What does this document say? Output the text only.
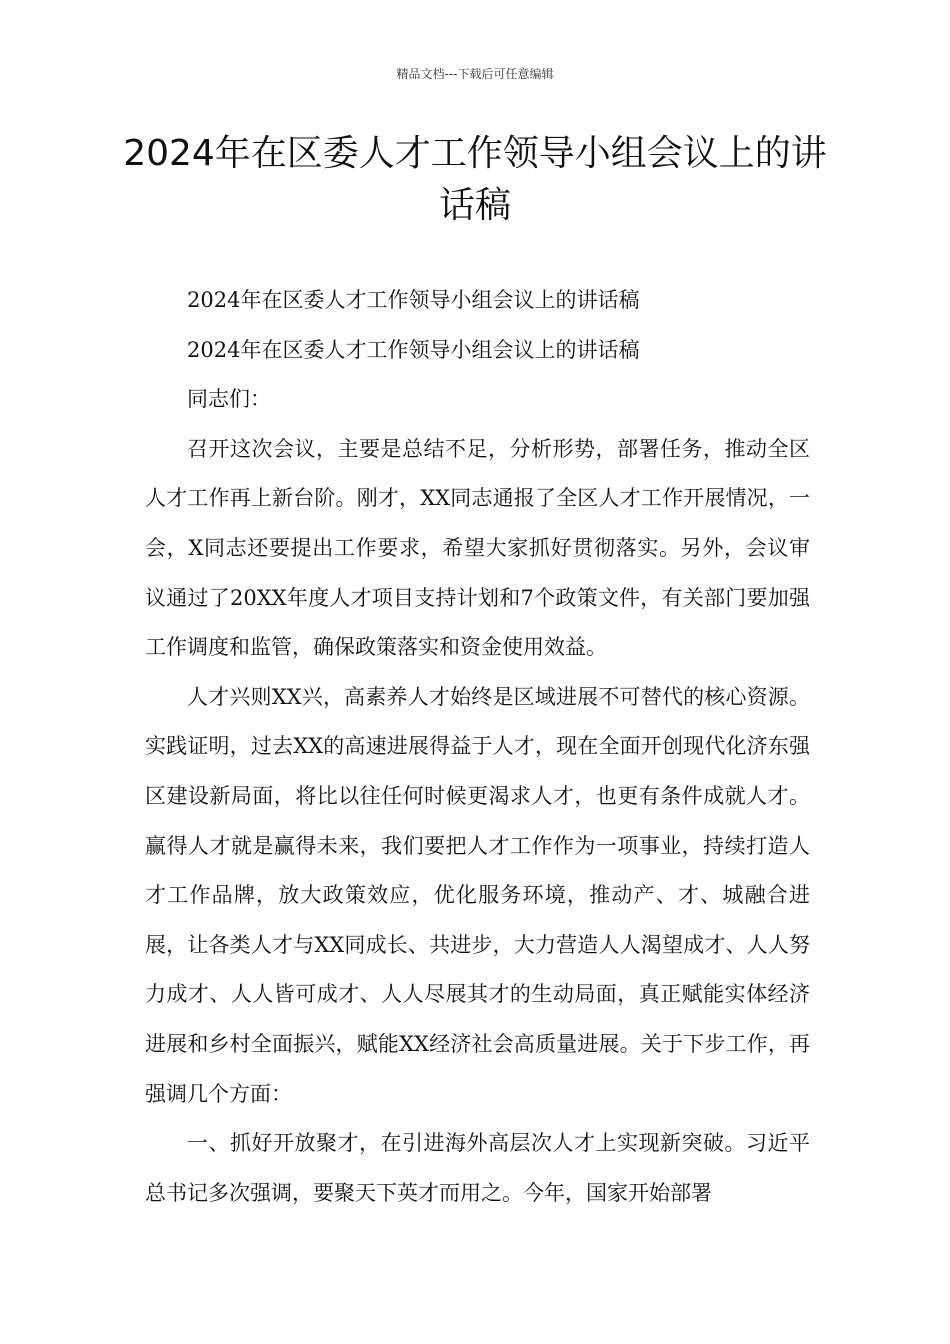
精品文档---下载后可任意编辑
2024年在区委人才工作领导小组会议上的讲话稿

2024年在区委人才工作领导小组会议上的讲话稿

2024年在区委人才工作领导小组会议上的讲话稿

同志们：

召开这次会议，主要是总结不足，分析形势，部署任务，推动全区人才工作再上新台阶。刚才，XX同志通报了全区人才工作开展情况，一会，X同志还要提出工作要求，希望大家抓好贯彻落实。另外，会议审议通过了20XX年度人才项目支持计划和7个政策文件，有关部门要加强工作调度和监管，确保政策落实和资金使用效益。

人才兴则XX兴，高素养人才始终是区域进展不可替代的核心资源。实践证明，过去XX的高速进展得益于人才，现在全面开创现代化济东强区建设新局面，将比以往任何时候更渴求人才，也更有条件成就人才。赢得人才就是赢得未来，我们要把人才工作作为一项事业，持续打造人才工作品牌，放大政策效应，优化服务环境，推动产、才、城融合进展，让各类人才与XX同成长、共进步，大力营造人人渴望成才、人人努力成才、人人皆可成才、人人尽展其才的生动局面，真正赋能实体经济进展和乡村全面振兴，赋能XX经济社会高质量进展。关于下步工作，再强调几个方面：

一、抓好开放聚才，在引进海外高层次人才上实现新突破。习近平总书记多次强调，要聚天下英才而用之。今年，国家开始部署
